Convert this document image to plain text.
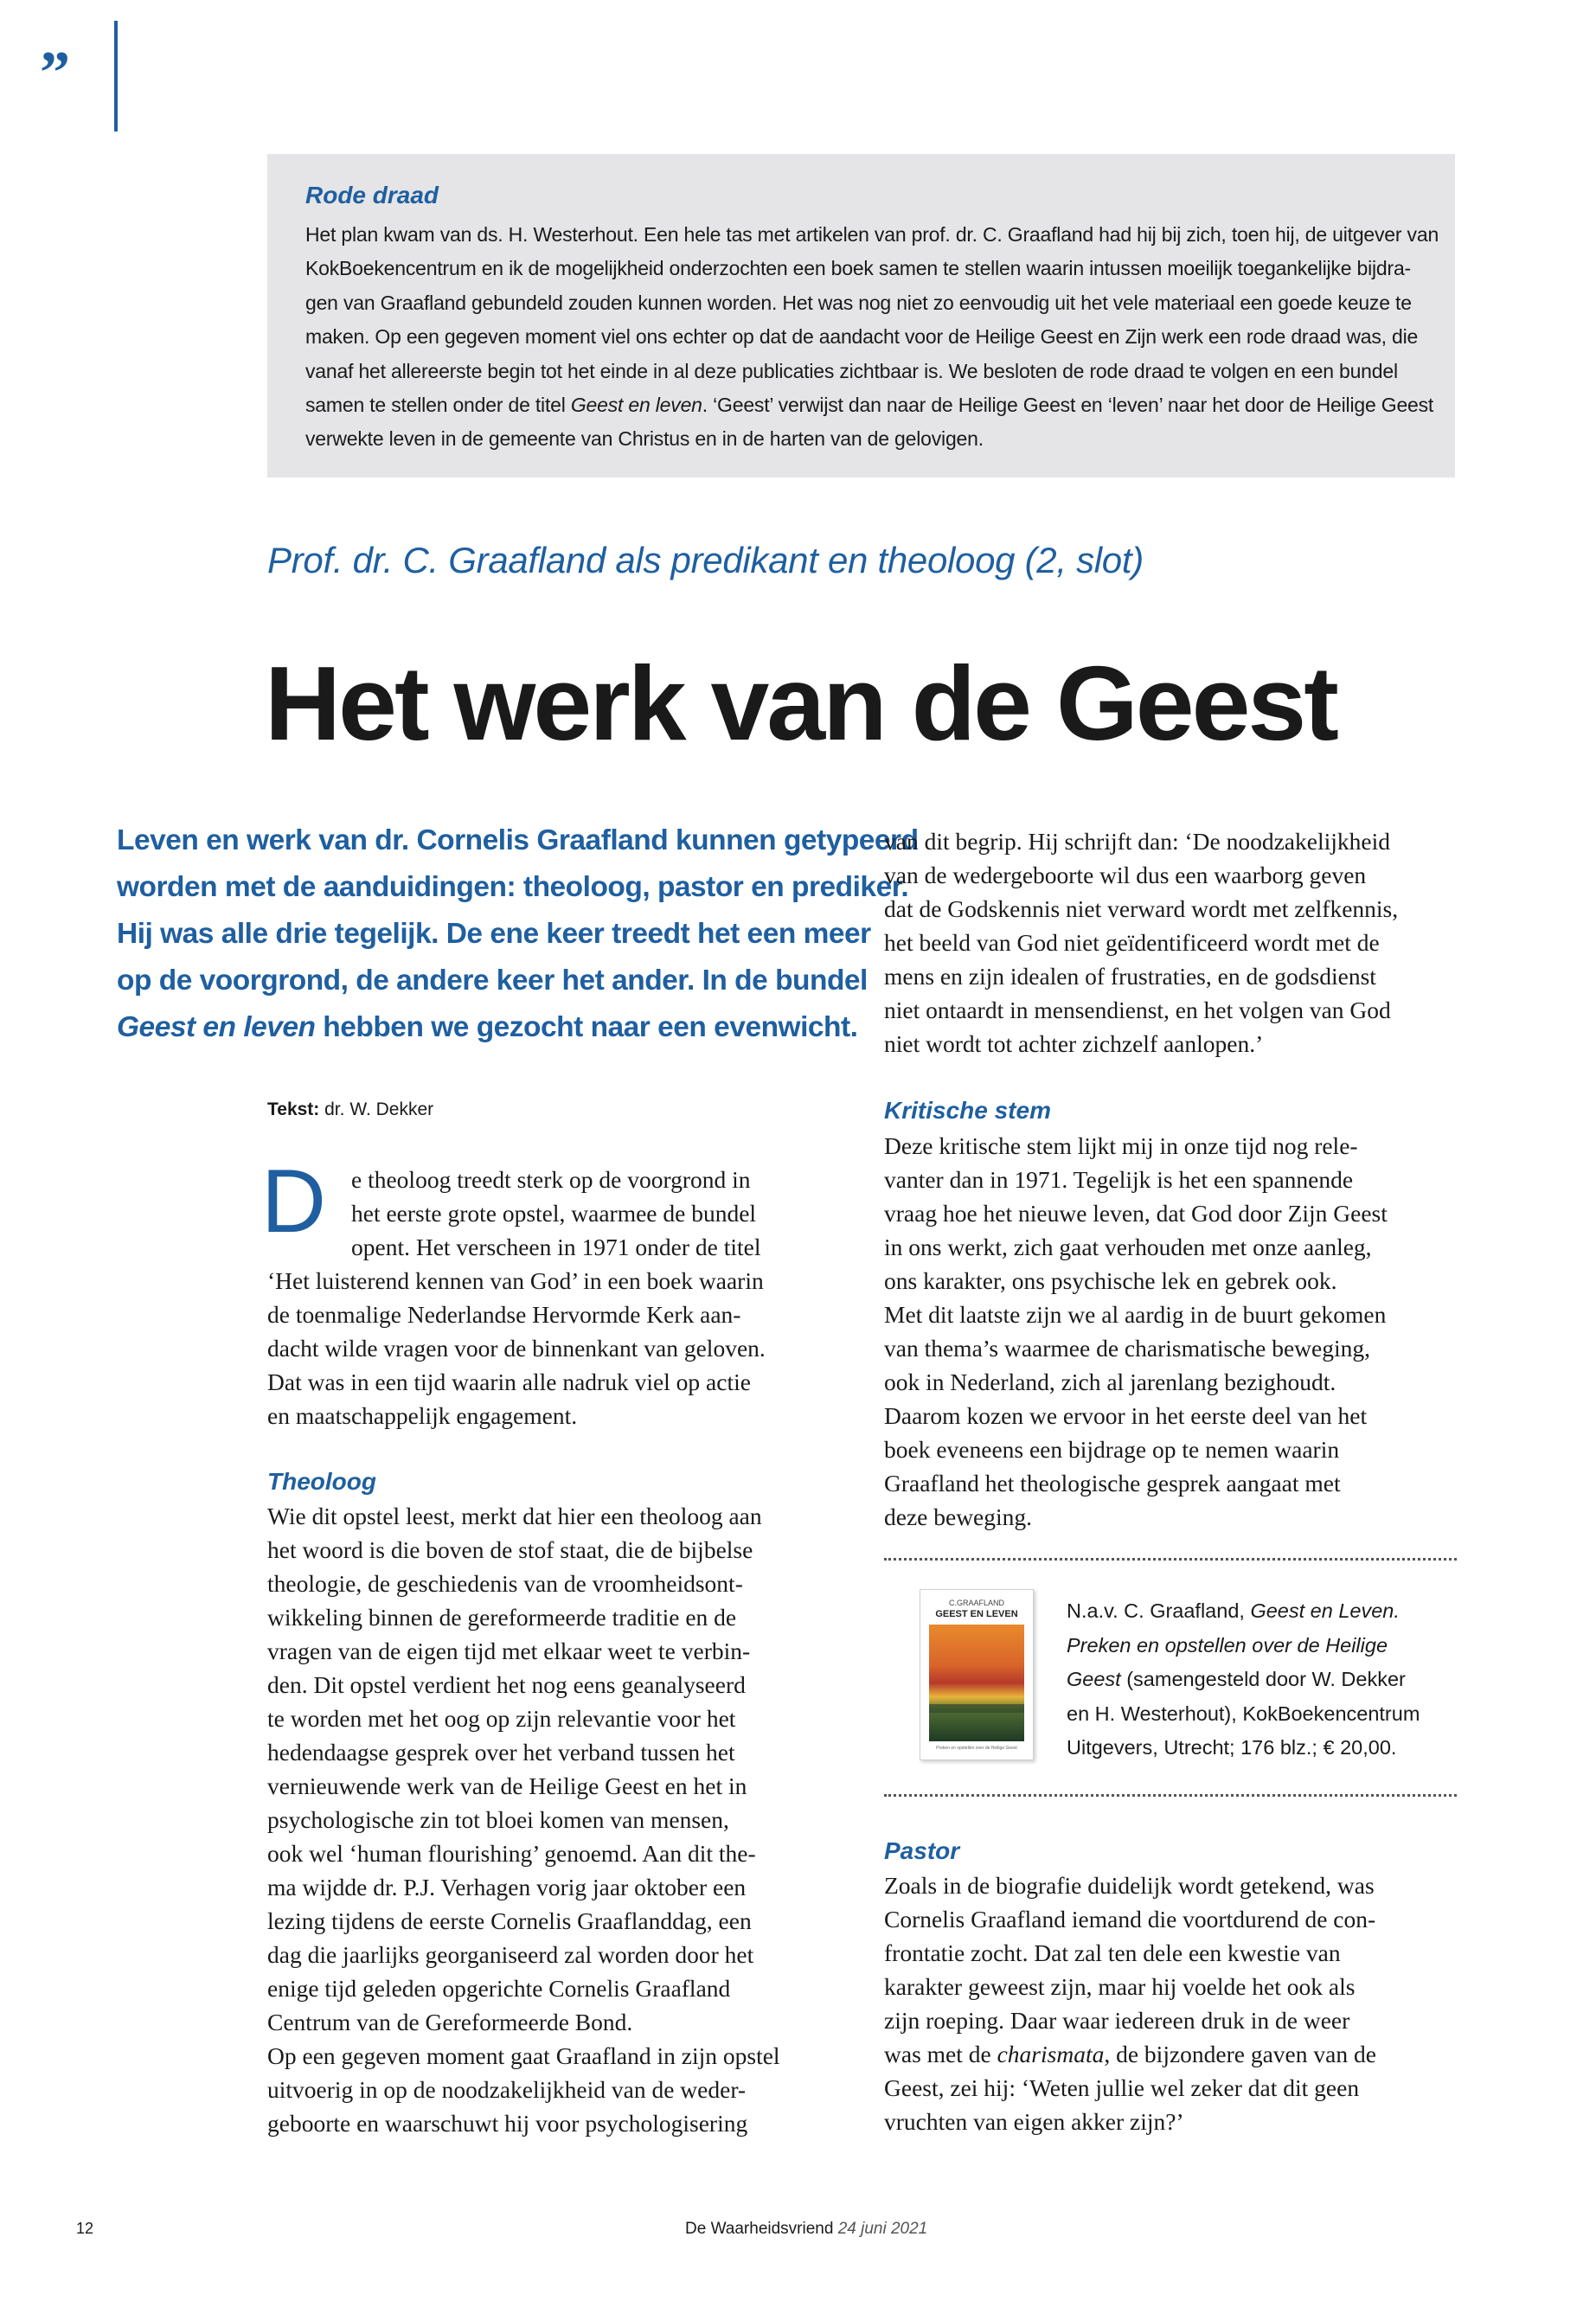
”
Rode draad
Het plan kwam van ds. H. Westerhout. Een hele tas met artikelen van prof. dr. C. Graafland had hij bij zich, toen hij, de uitgever van
KokBoekencentrum en ik de mogelijkheid onderzochten een boek samen te stellen waarin intussen moeilijk toegankelijke bijdra-
gen van Graafland gebundeld zouden kunnen worden. Het was nog niet zo eenvoudig uit het vele materiaal een goede keuze te
maken. Op een gegeven moment viel ons echter op dat de aandacht voor de Heilige Geest en Zijn werk een rode draad was, die
vanaf het allereerste begin tot het einde in al deze publicaties zichtbaar is. We besloten de rode draad te volgen en een bundel
samen te stellen onder de titel Geest en leven. ‘Geest’ verwijst dan naar de Heilige Geest en ‘leven’ naar het door de Heilige Geest
verwekte leven in de gemeente van Christus en in de harten van de gelovigen.
Prof. dr. C. Graafland als predikant en theoloog (2, slot)
Het werk van de Geest
Leven en werk van dr. Cornelis Graafland kunnen getypeerd
worden met de aanduidingen: theoloog, pastor en prediker.
Hij was alle drie tegelijk. De ene keer treedt het een meer
op de voorgrond, de andere keer het ander. In de bundel
Geest en leven hebben we gezocht naar een evenwicht.
Tekst: dr. W. Dekker
D e theoloog treedt sterk op de voorgrond in
het eerste grote opstel, waarmee de bundel
opent. Het verscheen in 1971 onder de titel
‘Het luisterend kennen van God’ in een boek waarin
de toenmalige Nederlandse Hervormde Kerk aan-
dacht wilde vragen voor de binnenkant van geloven.
Dat was in een tijd waarin alle nadruk viel op actie
en maatschappelijk engagement.
Theoloog
Wie dit opstel leest, merkt dat hier een theoloog aan
het woord is die boven de stof staat, die de bijbelse
theologie, de geschiedenis van de vroomheidsont-
wikkeling binnen de gereformeerde traditie en de
vragen van de eigen tijd met elkaar weet te verbin-
den. Dit opstel verdient het nog eens geanalyseerd
te worden met het oog op zijn relevantie voor het
hedendaagse gesprek over het verband tussen het
vernieuwende werk van de Heilige Geest en het in
psychologische zin tot bloei komen van mensen,
ook wel ‘human flourishing’ genoemd. Aan dit the-
ma wijdde dr. P.J. Verhagen vorig jaar oktober een
lezing tijdens de eerste Cornelis Graaflanddag, een
dag die jaarlijks georganiseerd zal worden door het
enige tijd geleden opgerichte Cornelis Graafland
Centrum van de Gereformeerde Bond.
Op een gegeven moment gaat Graafland in zijn opstel
uitvoerig in op de noodzakelijkheid van de weder-
geboorte en waarschuwt hij voor psychologisering
van dit begrip. Hij schrijft dan: ‘De noodzakelijkheid
van de wedergeboorte wil dus een waarborg geven
dat de Godskennis niet verward wordt met zelfkennis,
het beeld van God niet geïdentificeerd wordt met de
mens en zijn idealen of frustraties, en de godsdienst
niet ontaardt in mensendienst, en het volgen van God
niet wordt tot achter zichzelf aanlopen.’
Kritische stem
Deze kritische stem lijkt mij in onze tijd nog rele-
vanter dan in 1971. Tegelijk is het een spannende
vraag hoe het nieuwe leven, dat God door Zijn Geest
in ons werkt, zich gaat verhouden met onze aanleg,
ons karakter, ons psychische lek en gebrek ook.
Met dit laatste zijn we al aardig in de buurt gekomen
van thema’s waarmee de charismatische beweging,
ook in Nederland, zich al jarenlang bezighoudt.
Daarom kozen we ervoor in het eerste deel van het
boek eveneens een bijdrage op te nemen waarin
Graafland het theologische gesprek aangaat met
deze beweging.
C.GRAAFLAND
GEEST EN LEVEN
Preken en opstellen over de Heilige Geest
N.a.v. C. Graafland, Geest en Leven.
Preken en opstellen over de Heilige
Geest (samengesteld door W. Dekker
en H. Westerhout), KokBoekencentrum
Uitgevers, Utrecht; 176 blz.; € 20,00.
Pastor
Zoals in de biografie duidelijk wordt getekend, was
Cornelis Graafland iemand die voortdurend de con-
frontatie zocht. Dat zal ten dele een kwestie van
karakter geweest zijn, maar hij voelde het ook als
zijn roeping. Daar waar iedereen druk in de weer
was met de charismata, de bijzondere gaven van de
Geest, zei hij: ‘Weten jullie wel zeker dat dit geen
vruchten van eigen akker zijn?’
12	De Waarheidsvriend 24 juni 2021
